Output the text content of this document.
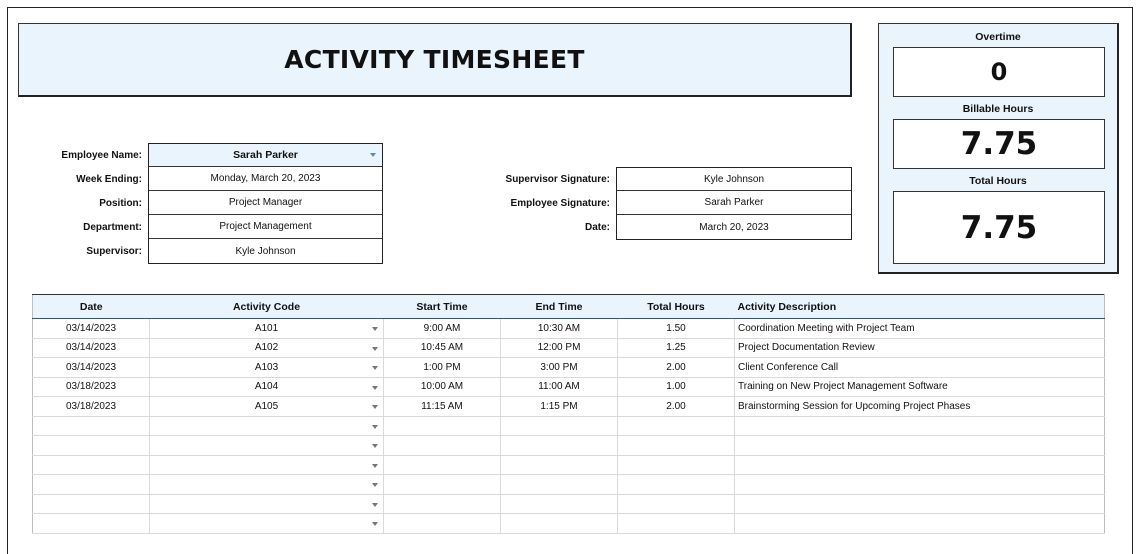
ACTIVITY TIMESHEET
Overtime
0
Billable Hours
7.75
Total Hours
7.75
Employee Name:	Sarah Parker
Week Ending:	Monday, March 20, 2023
Position:	Project Manager
Department:	Project Management
Supervisor:	Kyle Johnson
Supervisor Signature:	Kyle Johnson
Employee Signature:	Sarah Parker
Date:	March 20, 2023
Date	Activity Code	Start Time	End Time	Total Hours	Activity Description
03/14/2023	A101	9:00 AM	10:30 AM	1.50	Coordination Meeting with Project Team
03/14/2023	A102	10:45 AM	12:00 PM	1.25	Project Documentation Review
03/14/2023	A103	1:00 PM	3:00 PM	2.00	Client Conference Call
03/18/2023	A104	10:00 AM	11:00 AM	1.00	Training on New Project Management Software
03/18/2023	A105	11:15 AM	1:15 PM	2.00	Brainstorming Session for Upcoming Project Phases
